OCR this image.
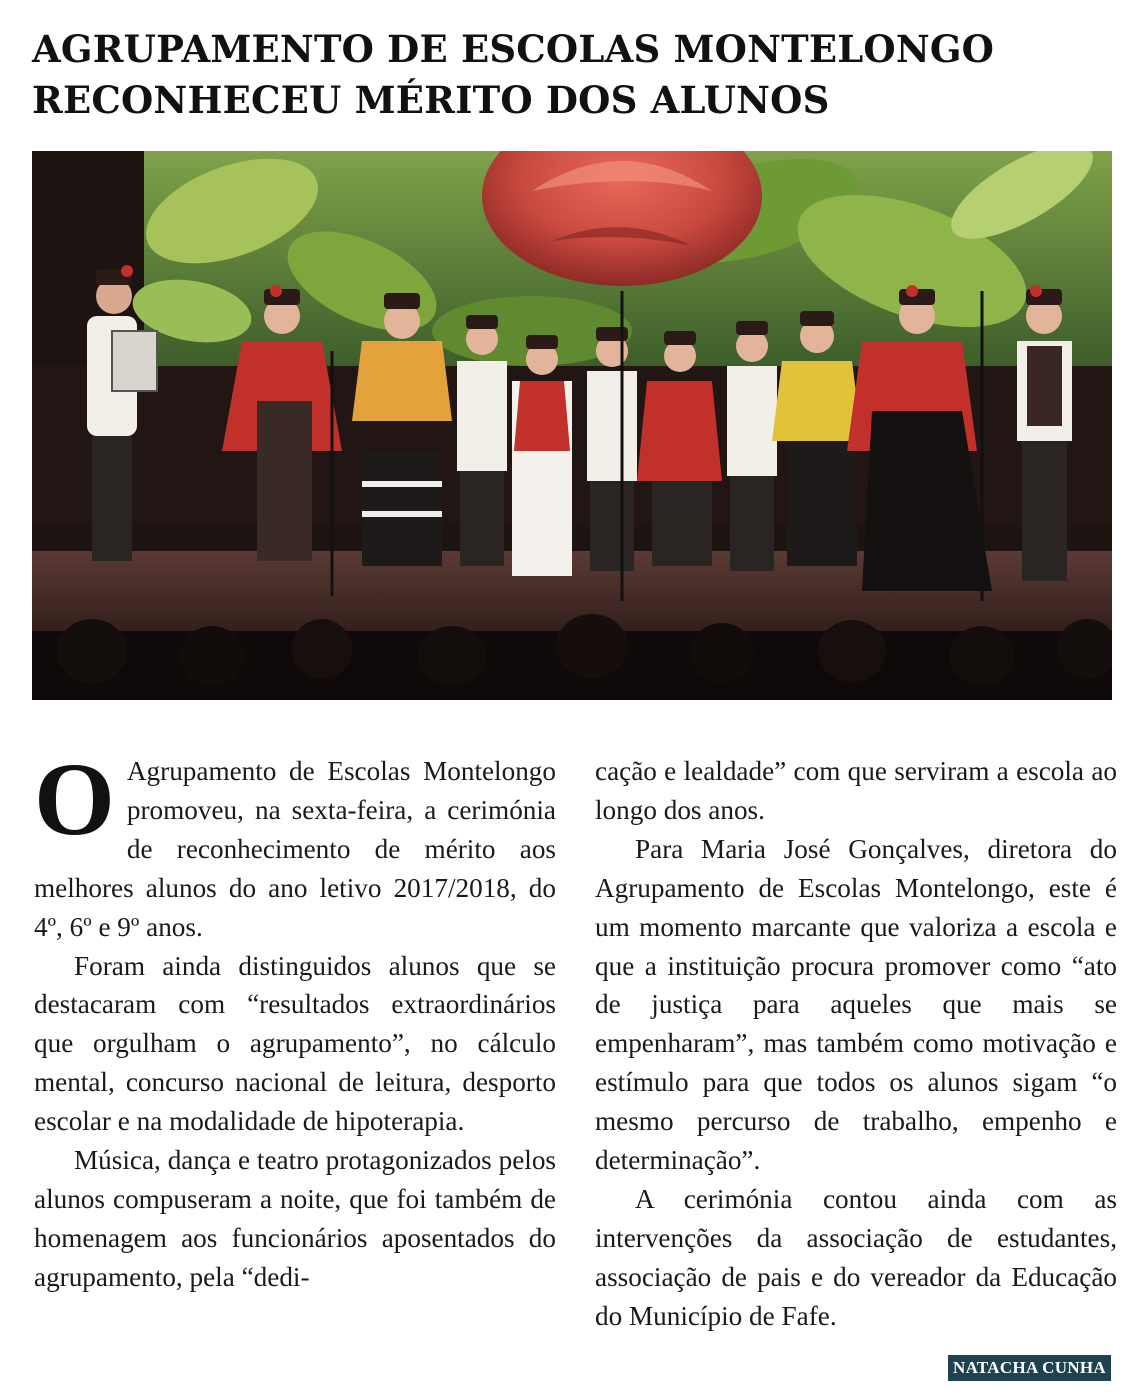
AGRUPAMENTO DE ESCOLAS MONTELONGO
RECONHECEU MÉRITO DOS ALUNOS

O Agrupamento de Escolas Montelongo promoveu, na sexta-feira, a cerimónia de reconhecimento de mérito aos melhores alunos do ano letivo 2017/2018, do 4º, 6º e 9º anos.

Foram ainda distinguidos alunos que se destacaram com “resultados extraordinários que orgulham o agrupamento”, no cálculo mental, concurso nacional de leitura, desporto escolar e na modalidade de hipoterapia.

Música, dança e teatro protagonizados pelos alunos compuseram a noite, que foi também de homenagem aos funcionários aposentados do agrupamento, pela “dedi-

cação e lealdade” com que serviram a escola ao longo dos anos.

Para Maria José Gonçalves, diretora do Agrupamento de Escolas Montelongo, este é um momento marcante que valoriza a escola e que a instituição procura promover como “ato de justiça para aqueles que mais se empenharam”, mas também como motivação e estímulo para que todos os alunos sigam “o mesmo percurso de trabalho, empenho e determinação”.

A cerimónia contou ainda com as intervenções da associação de estudantes, associação de pais e do vereador da Educação do Município de Fafe.

NATACHA CUNHA
